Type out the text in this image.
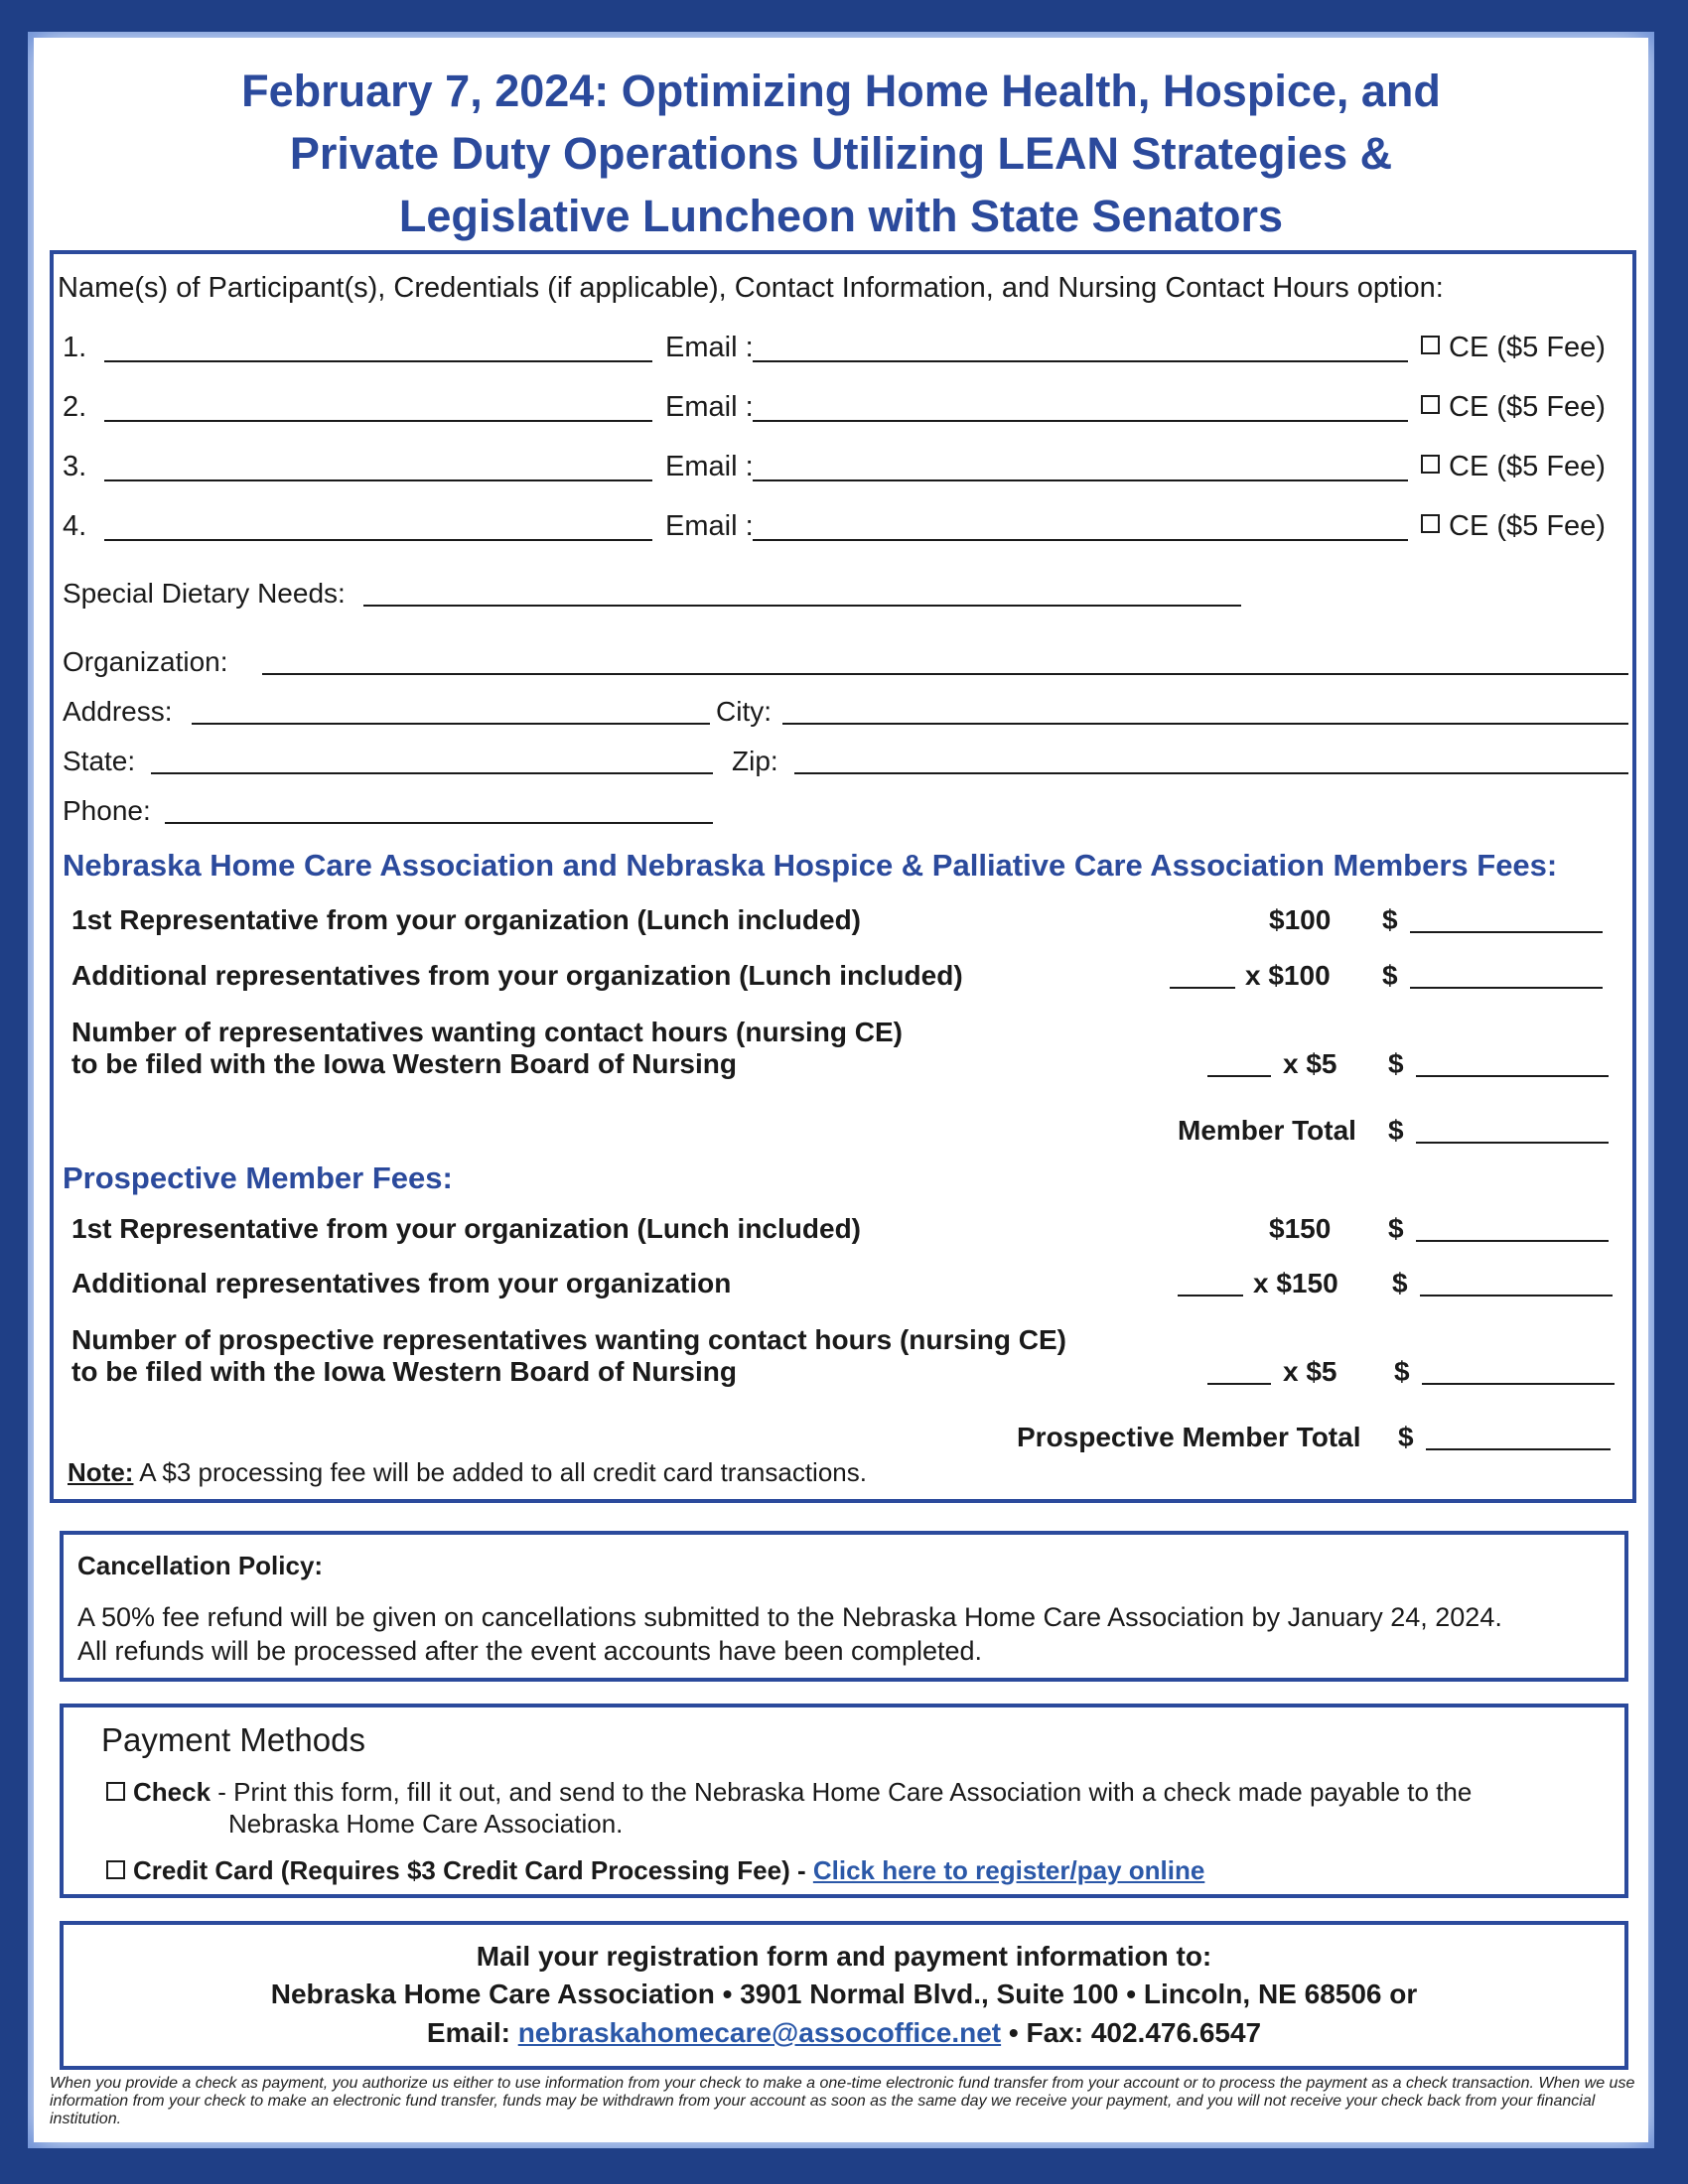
February 7, 2024: Optimizing Home Health, Hospice, and
Private Duty Operations Utilizing LEAN Strategies &
Legislative Luncheon with State Senators
Name(s) of Participant(s), Credentials (if applicable), Contact Information, and Nursing Contact Hours option:
1.	Email :	CE ($5 Fee)
2.	Email :	CE ($5 Fee)
3.	Email :	CE ($5 Fee)
4.	Email :	CE ($5 Fee)
Special Dietary Needs:
Organization:
Address:	City:
State:	Zip:
Phone:
Nebraska Home Care Association and Nebraska Hospice & Palliative Care Association Members Fees:
1st Representative from your organization (Lunch included)	$100 $
Additional representatives from your organization (Lunch included)	x $100 $
Number of representatives wanting contact hours (nursing CE)
to be filed with the Iowa Western Board of Nursing	x $5 $
Member Total $
Prospective Member Fees:
1st Representative from your organization (Lunch included)	$150 $
Additional representatives from your organization	x $150 $
Number of prospective representatives wanting contact hours (nursing CE)
to be filed with the Iowa Western Board of Nursing	x $5 $
Prospective Member Total $
Note: A $3 processing fee will be added to all credit card transactions.
Cancellation Policy:
A 50% fee refund will be given on cancellations submitted to the Nebraska Home Care Association by January 24, 2024.
All refunds will be processed after the event accounts have been completed.
Payment Methods
Check - Print this form, fill it out, and send to the Nebraska Home Care Association with a check made payable to the
Nebraska Home Care Association.
Credit Card (Requires $3 Credit Card Processing Fee) - Click here to register/pay online
Mail your registration form and payment information to:
Nebraska Home Care Association • 3901 Normal Blvd., Suite 100 • Lincoln, NE 68506 or
Email: nebraskahomecare@assocoffice.net • Fax: 402.476.6547
When you provide a check as payment, you authorize us either to use information from your check to make a one-time electronic fund transfer from your account or to process the payment as a check transaction. When we use information from your check to make an electronic fund transfer, funds may be withdrawn from your account as soon as the same day we receive your payment, and you will not receive your check back from your financial institution.
